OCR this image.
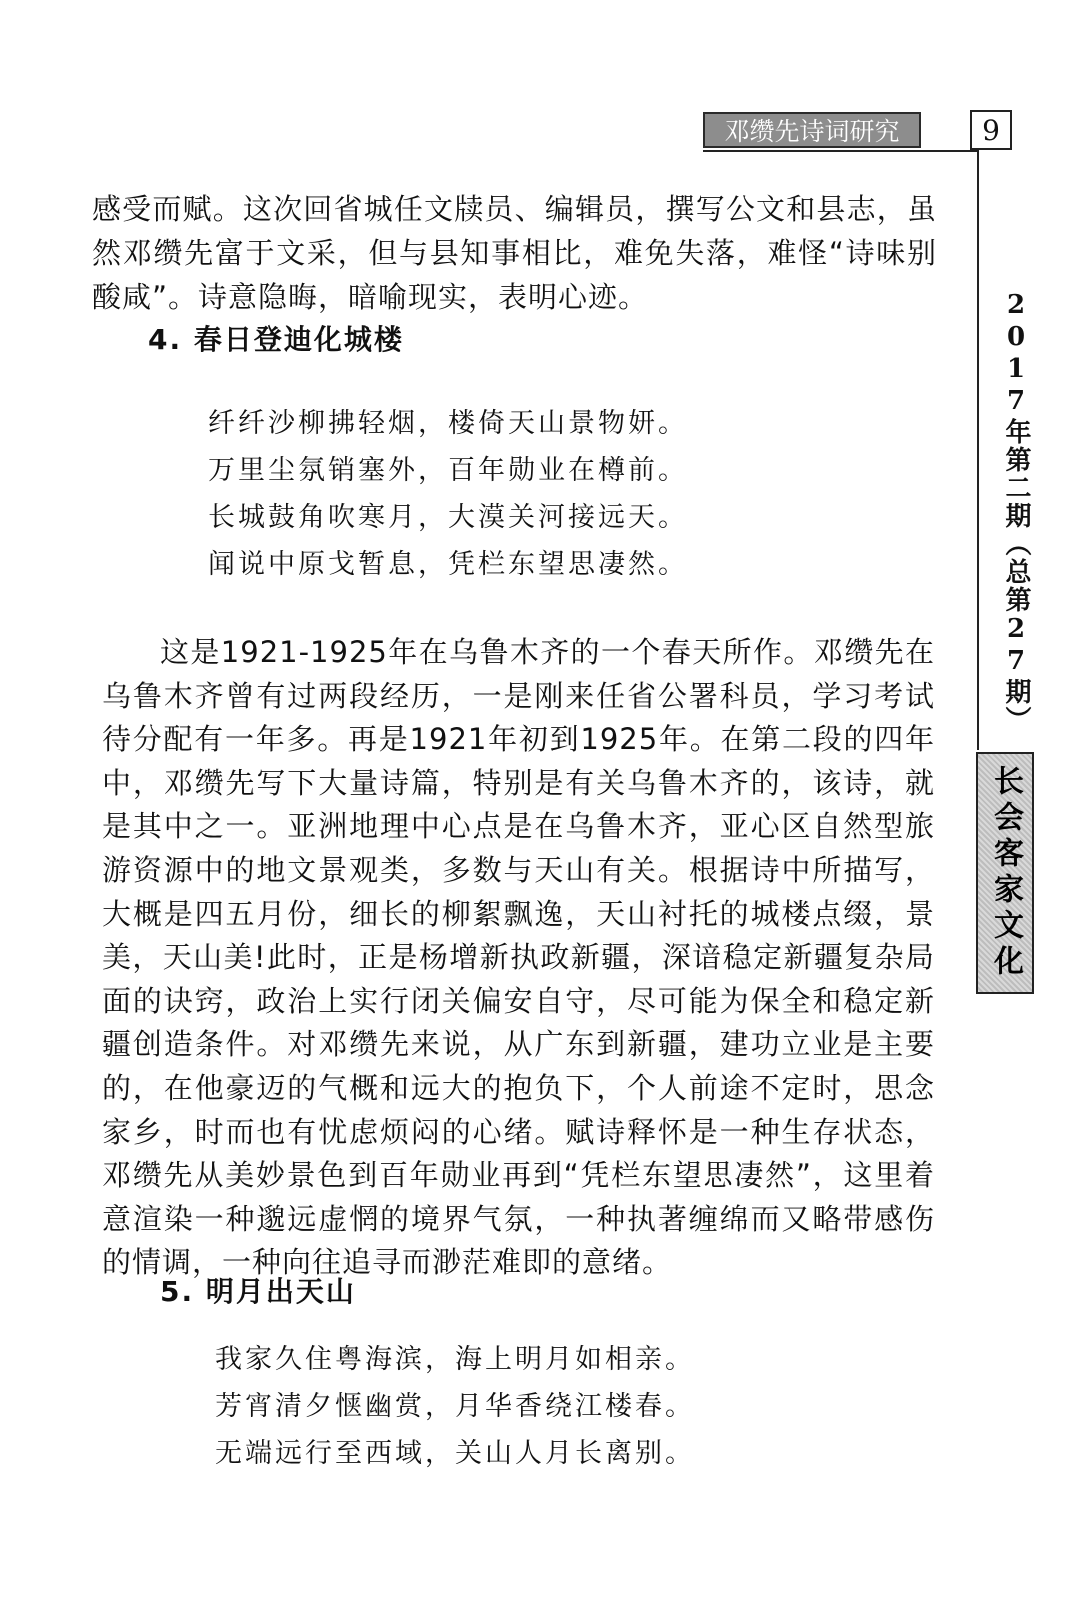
邓缵先诗词研究	9
2017年第二期（总第27期）
长会客家文化

感受而赋。这次回省城任文牍员、编辑员，撰写公文和县志，虽然邓缵先富于文采，但与县知事相比，难免失落，难怪“诗味别酸咸”。诗意隐晦，暗喻现实，表明心迹。

4. 春日登迪化城楼
纤纤沙柳拂轻烟，楼倚天山景物妍。
万里尘氛销塞外，百年勋业在樽前。
长城鼓角吹寒月，大漠关河接远天。
闻说中原戈暂息，凭栏东望思凄然。

这是1921-1925年在乌鲁木齐的一个春天所作。邓缵先在乌鲁木齐曾有过两段经历，一是刚来任省公署科员，学习考试待分配有一年多。再是1921年初到1925年。在第二段的四年中，邓缵先写下大量诗篇，特别是有关乌鲁木齐的，该诗，就是其中之一。亚洲地理中心点是在乌鲁木齐，亚心区自然型旅游资源中的地文景观类，多数与天山有关。根据诗中所描写，大概是四五月份，细长的柳絮飘逸，天山衬托的城楼点缀，景美，天山美!此时，正是杨增新执政新疆，深谙稳定新疆复杂局面的诀窍，政治上实行闭关偏安自守，尽可能为保全和稳定新疆创造条件。对邓缵先来说，从广东到新疆，建功立业是主要的，在他豪迈的气概和远大的抱负下，个人前途不定时，思念家乡，时而也有忧虑烦闷的心绪。赋诗释怀是一种生存状态，邓缵先从美妙景色到百年勋业再到“凭栏东望思凄然”，这里着意渲染一种邈远虚惘的境界气氛，一种执著缠绵而又略带感伤的情调，一种向往追寻而渺茫难即的意绪。

5. 明月出天山
我家久住粤海滨，海上明月如相亲。
芳宵清夕惬幽赏，月华香绕江楼春。
无端远行至西域，关山人月长离别。
